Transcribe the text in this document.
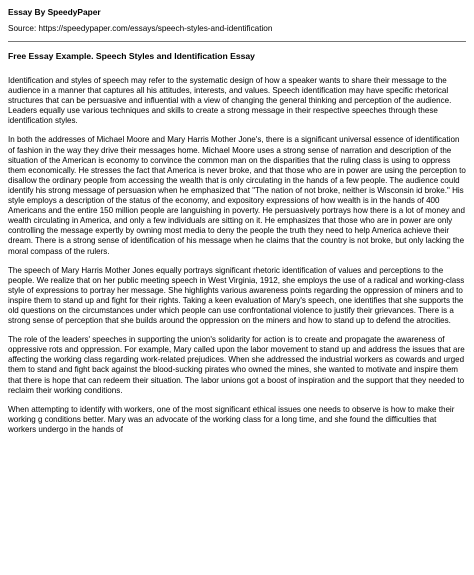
Essay By SpeedyPaper
Source: https://speedypaper.com/essays/speech-styles-and-identification
Free Essay Example. Speech Styles and Identification Essay

Identification and styles of speech may refer to the systematic design of how a speaker wants to share their message to the audience in a manner that captures all his attitudes, interests, and values. Speech identification may have specific rhetorical structures that can be persuasive and influential with a view of changing the general thinking and perception of the audience. Leaders equally use various techniques and skills to create a strong message in their respective speeches through these identification styles.

In both the addresses of Michael Moore and Mary Harris Mother Jone's, there is a significant universal essence of identification of fashion in the way they drive their messages home. Michael Moore uses a strong sense of narration and description of the situation of the American is economy to convince the common man on the disparities that the ruling class is using to oppress them economically. He stresses the fact that America is never broke, and that those who are in power are using the perception to disallow the ordinary people from accessing the wealth that is only circulating in the hands of a few people. The audience could identify his strong message of persuasion when he emphasized that "The nation of not broke, neither is Wisconsin id broke." His style employs a description of the status of the economy, and expository expressions of how wealth is in the hands of 400 Americans and the entire 150 million people are languishing in poverty. He persuasively portrays how there is a lot of money and wealth circulating in America, and only a few individuals are sitting on it. He emphasizes that those who are in power are only controlling the message expertly by owning most media to deny the people the truth they need to help America achieve their dream. There is a strong sense of identification of his message when he claims that the country is not broke, but only lacking the moral compass of the rulers.

The speech of Mary Harris Mother Jones equally portrays significant rhetoric identification of values and perceptions to the people. We realize that on her public meeting speech in West Virginia, 1912, she employs the use of a radical and working-class style of expressions to portray her message. She highlights various awareness points regarding the oppression of miners and to inspire them to stand up and fight for their rights. Taking a keen evaluation of Mary's speech, one identifies that she supports the old questions on the circumstances under which people can use confrontational violence to justify their grievances. There is a strong sense of perception that she builds around the oppression on the miners and how to stand up to defend the atrocities.

The role of the leaders' speeches in supporting the union's solidarity for action is to create and propagate the awareness of oppressive rots and oppression. For example, Mary called upon the labor movement to stand up and address the issues that are affecting the working class regarding work-related prejudices. When she addressed the industrial workers as cowards and urged them to stand and fight back against the blood-sucking pirates who owned the mines, she wanted to motivate and inspire them that there is hope that can redeem their situation. The labor unions got a boost of inspiration and the support that they needed to reclaim their working conditions.

When attempting to identify with workers, one of the most significant ethical issues one needs to observe is how to make their working g conditions better. Mary was an advocate of the working class for a long time, and she found the difficulties that workers undergo in the hands of
